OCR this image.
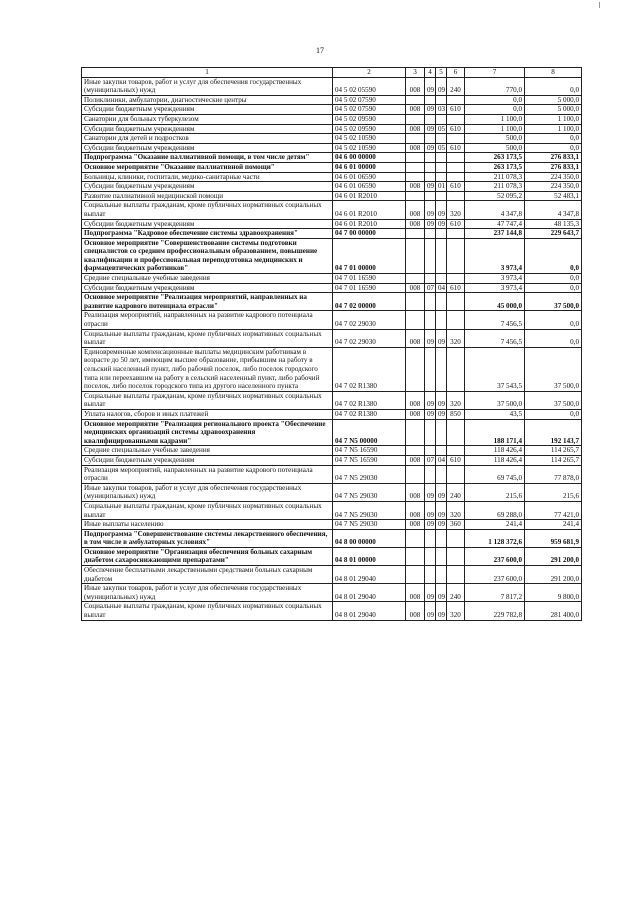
17
1	2	3	4	5	6	7	8
Иные закупки товаров, работ и услуг для обеспечения государственных (муниципальных) нужд	04 5 02 05590	008	09	09	240	770,0	0,0
Поликлиники, амбулатории, диагностические центры	04 5 02 07590					0,0	5 000,0
Субсидии бюджетным учреждениям	04 5 02 07590	008	09	03	610	0,0	5 000,0
Санатории для больных туберкулезом	04 5 02 09590					1 100,0	1 100,0
Субсидии бюджетным учреждениям	04 5 02 09590	008	09	05	610	1 100,0	1 100,0
Санатории для детей и подростков	04 5 02 10590					500,0	0,0
Субсидии бюджетным учреждениям	04 5 02 10590	008	09	05	610	500,0	0,0
Подпрограмма "Оказание паллиативной помощи, в том числе детям"	04 6 00 00000					263 173,5	276 833,1
Основное мероприятие "Оказание паллиативной помощи"	04 6 01 00000					263 173,5	276 833,1
Больницы, клиники, госпитали, медико-санитарные части	04 6 01 06590					211 078,3	224 350,0
Субсидии бюджетным учреждениям	04 6 01 06590	008	09	01	610	211 078,3	224 350,0
Развитие паллиативной медицинской помощи	04 6 01 R2010					52 095,2	52 483,1
Социальные выплаты гражданам, кроме публичных нормативных социальных выплат	04 6 01 R2010	008	09	09	320	4 347,8	4 347,8
Субсидии бюджетным учреждениям	04 6 01 R2010	008	09	09	610	47 747,4	48 135,3
Подпрограмма "Кадровое обеспечение системы здравоохранения"	04 7 00 00000					237 144,8	229 643,7
Основное мероприятие "Совершенствование системы подготовки специалистов со средним профессиональным образованием, повышение квалификации и профессиональная переподготовка медицинских и фармацевтических работников"	04 7 01 00000					3 973,4	0,0
Средние специальные учебные заведения	04 7 01 16590					3 973,4	0,0
Субсидии бюджетным учреждениям	04 7 01 16590	008	07	04	610	3 973,4	0,0
Основное мероприятие "Реализация мероприятий, направленных на развитие кадрового потенциала отрасли"	04 7 02 00000					45 000,0	37 500,0
Реализация мероприятий, направленных на развитие кадрового потенциала отрасли	04 7 02 29030					7 456,5	0,0
Социальные выплаты гражданам, кроме публичных нормативных социальных выплат	04 7 02 29030	008	09	09	320	7 456,5	0,0
Единовременные компенсационные выплаты медицинским работникам в возрасте до 50 лет, имеющим высшее образование, прибывшим на работу в сельский населенный пункт, либо рабочий поселок, либо поселок городского типа или переехавшим на работу в сельский населенный пункт, либо рабочий поселок, либо поселок городского типа из другого населенного пункта	04 7 02 R1380					37 543,5	37 500,0
Социальные выплаты гражданам, кроме публичных нормативных социальных выплат	04 7 02 R1380	008	09	09	320	37 500,0	37 500,0
Уплата налогов, сборов и иных платежей	04 7 02 R1380	008	09	09	850	43,5	0,0
Основное мероприятие "Реализация регионального проекта "Обеспечение медицинских организаций системы здравоохранения квалифицированными кадрами"	04 7 N5 00000					188 171,4	192 143,7
Средние специальные учебные заведения	04 7 N5 16590					118 426,4	114 265,7
Субсидии бюджетным учреждениям	04 7 N5 16590	008	07	04	610	118 426,4	114 265,7
Реализация мероприятий, направленных на развитие кадрового потенциала отрасли	04 7 N5 29030					69 745,0	77 878,0
Иные закупки товаров, работ и услуг для обеспечения государственных (муниципальных) нужд	04 7 N5 29030	008	09	09	240	215,6	215,6
Социальные выплаты гражданам, кроме публичных нормативных социальных выплат	04 7 N5 29030	008	09	09	320	69 288,0	77 421,0
Иные выплаты населению	04 7 N5 29030	008	09	09	360	241,4	241,4
Подпрограмма "Совершенствование системы лекарственного обеспечения, в том числе в амбулаторных условиях"	04 8 00 00000					1 128 372,6	959 681,9
Основное мероприятие "Организация обеспечения больных сахарным диабетом сахароснижающими препаратами"	04 8 01 00000					237 600,0	291 200,0
Обеспечение бесплатными лекарственными средствами больных сахарным диабетом	04 8 01 29040					237 600,0	291 200,0
Иные закупки товаров, работ и услуг для обеспечения государственных (муниципальных) нужд	04 8 01 29040	008	09	09	240	7 817,2	9 800,0
Социальные выплаты гражданам, кроме публичных нормативных социальных выплат	04 8 01 29040	008	09	09	320	229 782,8	281 400,0
